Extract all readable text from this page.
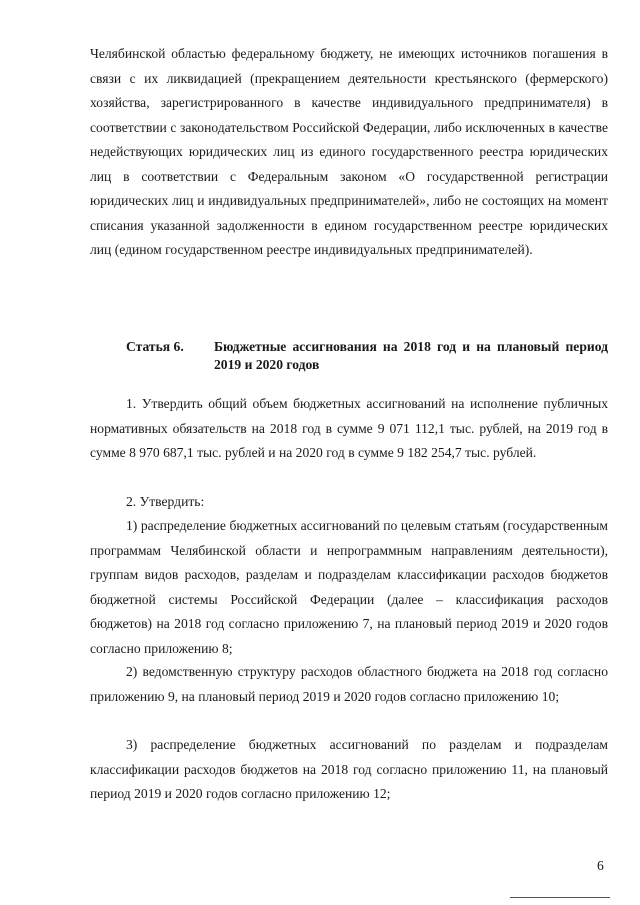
Челябинской областью федеральному бюджету, не имеющих источников погашения в связи с их ликвидацией (прекращением деятельности крестьянского (фермерского) хозяйства, зарегистрированного в качестве индивидуального предпринимателя) в соответствии с законодательством Российской Федерации, либо исключенных в качестве недействующих юридических лиц из единого государственного реестра юридических лиц в соответствии с Федеральным законом «О государственной регистрации юридических лиц и индивидуальных предпринимателей», либо не состоящих на момент списания указанной задолженности в едином государственном реестре юридических лиц (едином государственном реестре индивидуальных предпринимателей).

Статья 6. Бюджетные ассигнования на 2018 год и на плановый период 2019 и 2020 годов

1. Утвердить общий объем бюджетных ассигнований на исполнение публичных нормативных обязательств на 2018 год в сумме 9 071 112,1 тыс. рублей, на 2019 год в сумме 8 970 687,1 тыс. рублей и на 2020 год в сумме 9 182 254,7 тыс. рублей.

2. Утвердить:

1) распределение бюджетных ассигнований по целевым статьям (государственным программам Челябинской области и непрограммным направлениям деятельности), группам видов расходов, разделам и подразделам классификации расходов бюджетов бюджетной системы Российской Федерации (далее – классификация расходов бюджетов) на 2018 год согласно приложению 7, на плановый период 2019 и 2020 годов согласно приложению 8;

2) ведомственную структуру расходов областного бюджета на 2018 год согласно приложению 9, на плановый период 2019 и 2020 годов согласно приложению 10;

3) распределение бюджетных ассигнований по разделам и подразделам классификации расходов бюджетов на 2018 год согласно приложению 11, на плановый период 2019 и 2020 годов согласно приложению 12;

6
